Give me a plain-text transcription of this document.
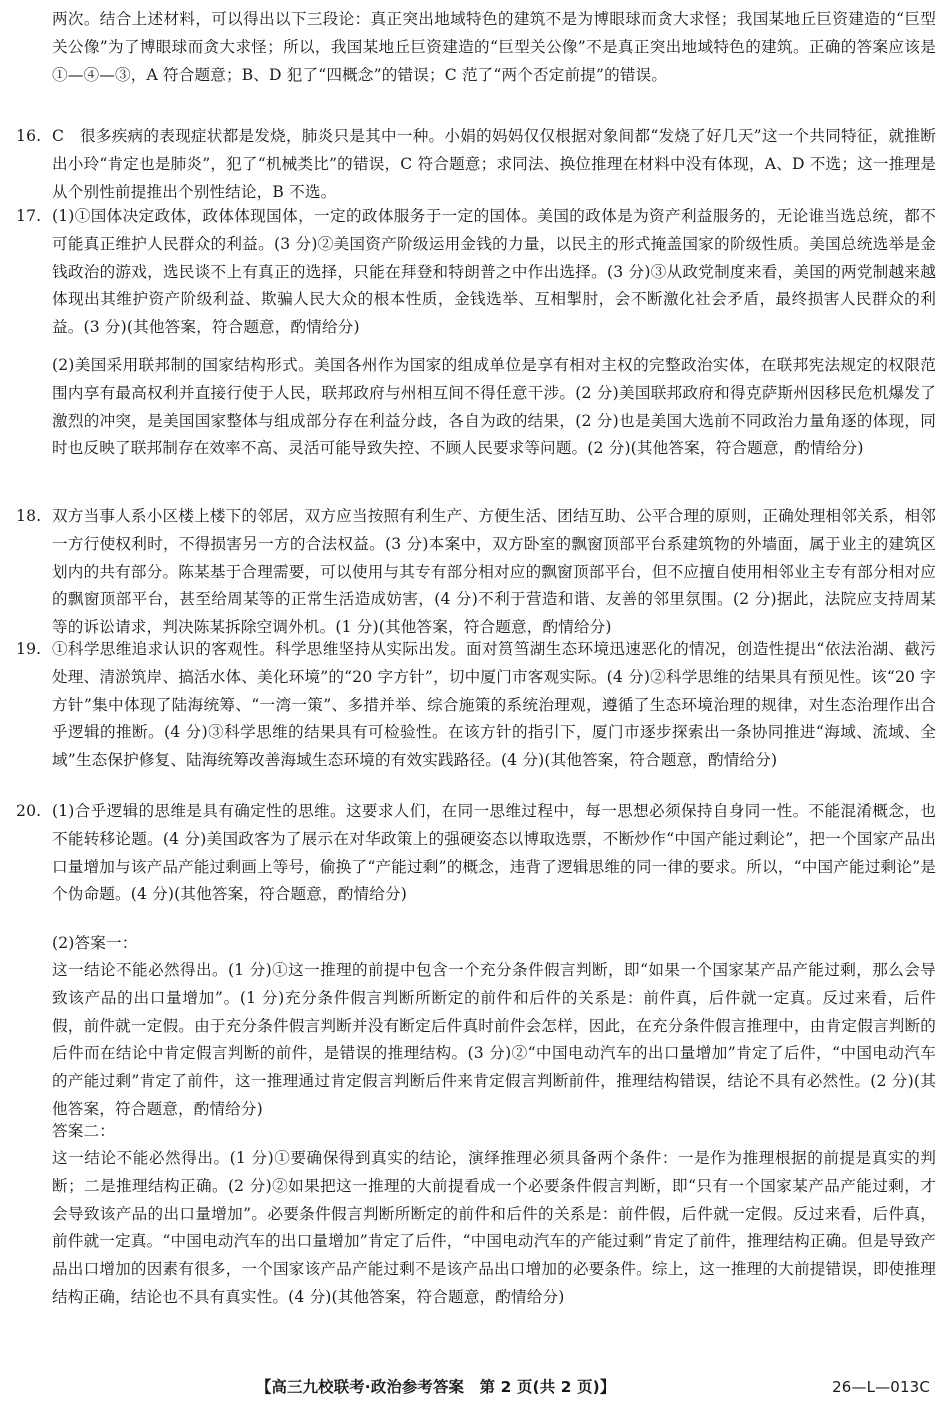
两次。结合上述材料，可以得出以下三段论：真正突出地域特色的建筑不是为博眼球而贪大求怪；我国某地丘巨资建造的“巨型关公像”为了博眼球而贪大求怪；所以，我国某地丘巨资建造的“巨型关公像”不是真正突出地域特色的建筑。正确的答案应该是①—④—③，A 符合题意；B、D 犯了“四概念”的错误；C 范了“两个否定前提”的错误。
16. C　很多疾病的表现症状都是发烧，肺炎只是其中一种。小娟的妈妈仅仅根据对象间都“发烧了好几天”这一个共同特征，就推断出小玲“肯定也是肺炎”，犯了“机械类比”的错误，C 符合题意；求同法、换位推理在材料中没有体现，A、D 不选；这一推理是从个别性前提推出个别性结论，B 不选。
17. (1)①国体决定政体，政体体现国体，一定的政体服务于一定的国体。美国的政体是为资产利益服务的，无论谁当选总统，都不可能真正维护人民群众的利益。(3 分)②美国资产阶级运用金钱的力量，以民主的形式掩盖国家的阶级性质。美国总统选举是金钱政治的游戏，选民谈不上有真正的选择，只能在拜登和特朗普之中作出选择。(3 分)③从政党制度来看，美国的两党制越来越体现出其维护资产阶级利益、欺骗人民大众的根本性质，金钱选举、互相掣肘，会不断激化社会矛盾，最终损害人民群众的利益。(3 分)(其他答案，符合题意，酌情给分)
(2)美国采用联邦制的国家结构形式。美国各州作为国家的组成单位是享有相对主权的完整政治实体，在联邦宪法规定的权限范围内享有最高权利并直接行使于人民，联邦政府与州相互间不得任意干涉。(2 分)美国联邦政府和得克萨斯州因移民危机爆发了激烈的冲突，是美国国家整体与组成部分存在利益分歧，各自为政的结果，(2 分)也是美国大选前不同政治力量角逐的体现，同时也反映了联邦制存在效率不高、灵活可能导致失控、不顾人民要求等问题。(2 分)(其他答案，符合题意，酌情给分)
18. 双方当事人系小区楼上楼下的邻居，双方应当按照有利生产、方便生活、团结互助、公平合理的原则，正确处理相邻关系，相邻一方行使权利时，不得损害另一方的合法权益。(3 分)本案中，双方卧室的飘窗顶部平台系建筑物的外墙面，属于业主的建筑区划内的共有部分。陈某基于合理需要，可以使用与其专有部分相对应的飘窗顶部平台，但不应擅自使用相邻业主专有部分相对应的飘窗顶部平台，甚至给周某等的正常生活造成妨害，(4 分)不利于营造和谐、友善的邻里氛围。(2 分)据此，法院应支持周某等的诉讼请求，判决陈某拆除空调外机。(1 分)(其他答案，符合题意，酌情给分)
19. ①科学思维追求认识的客观性。科学思维坚持从实际出发。面对筼筜湖生态环境迅速恶化的情况，创造性提出“依法治湖、截污处理、清淤筑岸、搞活水体、美化环境”的“20 字方针”，切中厦门市客观实际。(4 分)②科学思维的结果具有预见性。该“20 字方针”集中体现了陆海统筹、“一湾一策”、多措并举、综合施策的系统治理观，遵循了生态环境治理的规律，对生态治理作出合乎逻辑的推断。(4 分)③科学思维的结果具有可检验性。在该方针的指引下，厦门市逐步探索出一条协同推进“海域、流域、全域”生态保护修复、陆海统筹改善海域生态环境的有效实践路径。(4 分)(其他答案，符合题意，酌情给分)
20. (1)合乎逻辑的思维是具有确定性的思维。这要求人们，在同一思维过程中，每一思想必须保持自身同一性。不能混淆概念，也不能转移论题。(4 分)美国政客为了展示在对华政策上的强硬姿态以博取选票，不断炒作“中国产能过剩论”，把一个国家产品出口量增加与该产品产能过剩画上等号，偷换了“产能过剩”的概念，违背了逻辑思维的同一律的要求。所以，“中国产能过剩论”是个伪命题。(4 分)(其他答案，符合题意，酌情给分)
(2)答案一：
这一结论不能必然得出。(1 分)①这一推理的前提中包含一个充分条件假言判断，即“如果一个国家某产品产能过剩，那么会导致该产品的出口量增加”。(1 分)充分条件假言判断所断定的前件和后件的关系是：前件真，后件就一定真。反过来看，后件假，前件就一定假。由于充分条件假言判断并没有断定后件真时前件会怎样，因此，在充分条件假言推理中，由肯定假言判断的后件而在结论中肯定假言判断的前件，是错误的推理结构。(3 分)②“中国电动汽车的出口量增加”肯定了后件，“中国电动汽车的产能过剩”肯定了前件，这一推理通过肯定假言判断后件来肯定假言判断前件，推理结构错误，结论不具有必然性。(2 分)(其他答案，符合题意，酌情给分)
答案二：
这一结论不能必然得出。(1 分)①要确保得到真实的结论，演绎推理必须具备两个条件：一是作为推理根据的前提是真实的判断；二是推理结构正确。(2 分)②如果把这一推理的大前提看成一个必要条件假言判断，即“只有一个国家某产品产能过剩，才会导致该产品的出口量增加”。必要条件假言判断所断定的前件和后件的关系是：前件假，后件就一定假。反过来看，后件真，前件就一定真。“中国电动汽车的出口量增加”肯定了后件，“中国电动汽车的产能过剩”肯定了前件，推理结构正确。但是导致产品出口增加的因素有很多，一个国家该产品产能过剩不是该产品出口增加的必要条件。综上，这一推理的大前提错误，即使推理结构正确，结论也不具有真实性。(4 分)(其他答案，符合题意，酌情给分)
【高三九校联考·政治参考答案　第 2 页(共 2 页)】	26—L—013C
